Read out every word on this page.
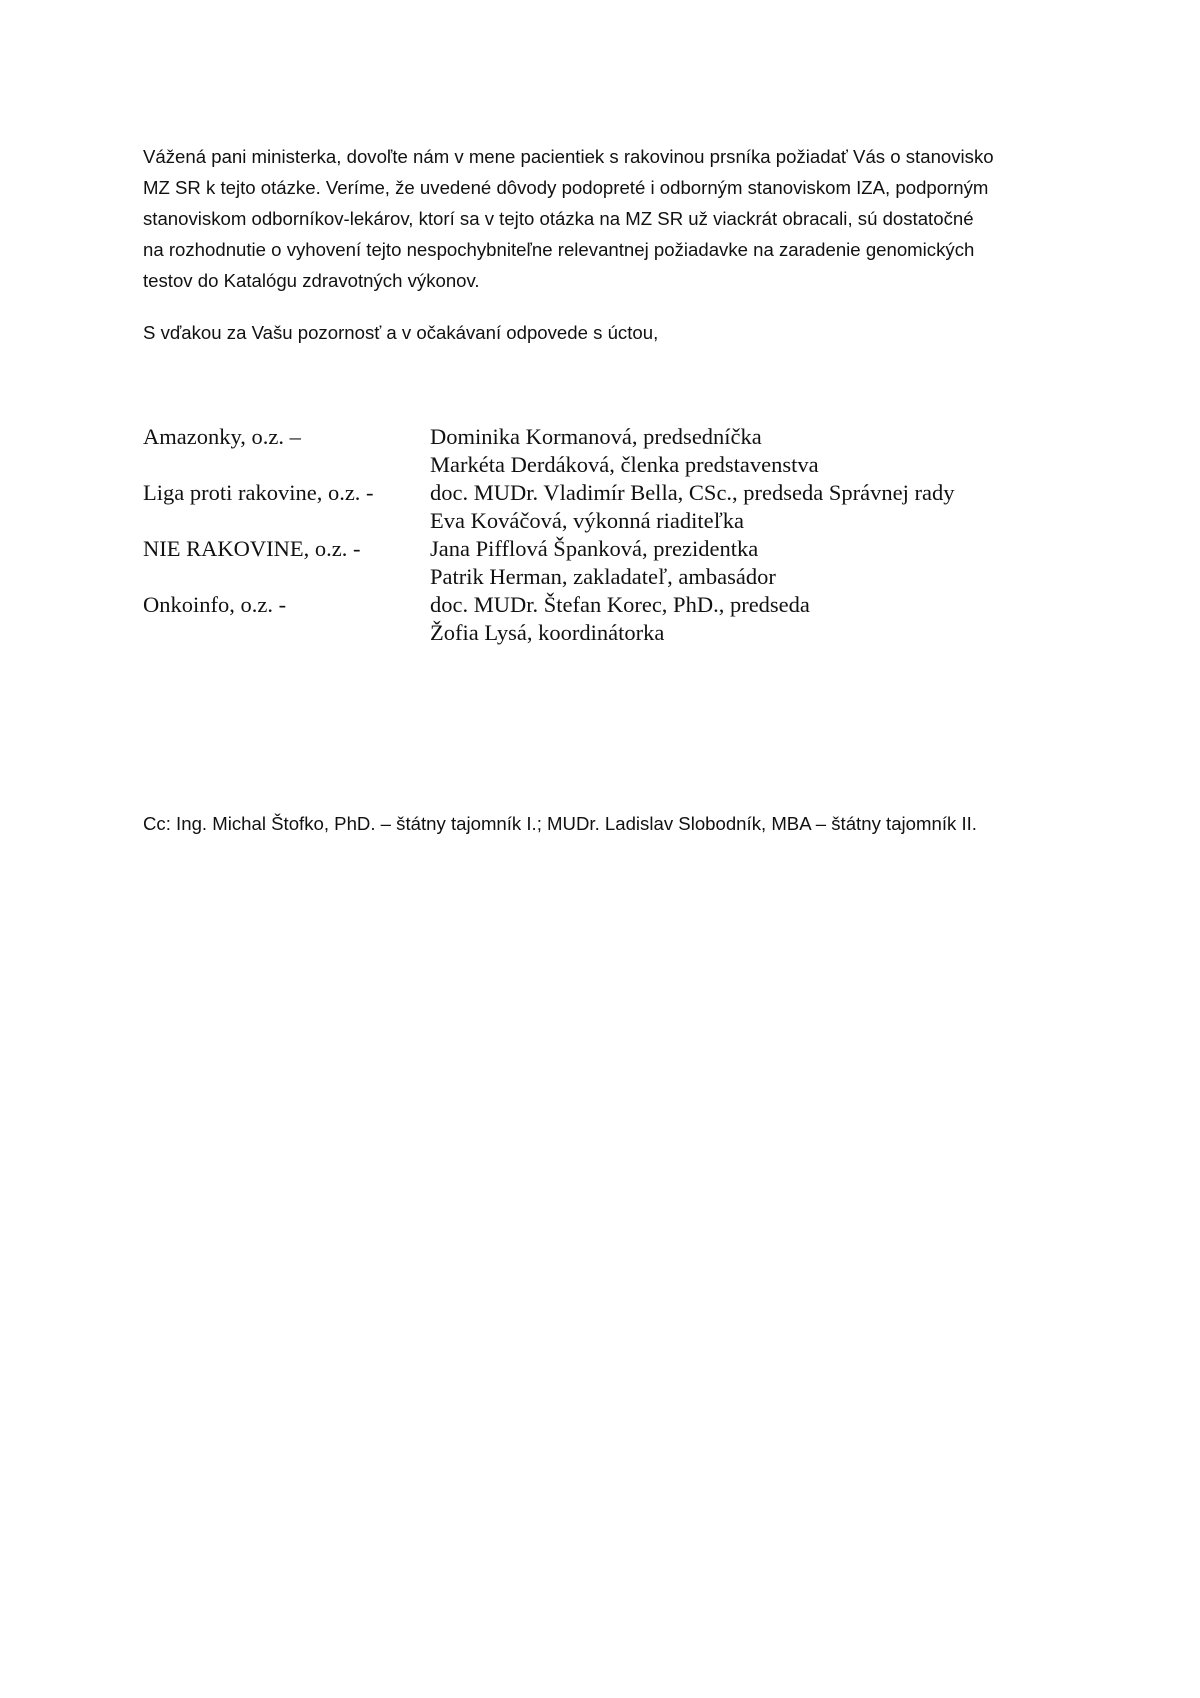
Vážená pani ministerka, dovoľte nám v mene pacientiek s rakovinou prsníka požiadať Vás o stanovisko
MZ SR k tejto otázke. Veríme, že uvedené dôvody podopreté i odborným stanoviskom IZA, podporným
stanoviskom odborníkov-lekárov, ktorí sa v tejto otázka na MZ SR už viackrát obracali, sú dostatočné
na rozhodnutie o vyhovení tejto nespochybniteľne relevantnej požiadavke na zaradenie genomických
testov do Katalógu zdravotných výkonov.

S vďakou za Vašu pozornosť a v očakávaní odpovede s úctou,

Amazonky, o.z. –	Dominika Kormanová, predsedníčka
Markéta Derdáková, členka predstavenstva
Liga proti rakovine, o.z. -	doc. MUDr. Vladimír Bella, CSc., predseda Správnej rady
Eva Kováčová, výkonná riaditeľka
NIE RAKOVINE, o.z. -	Jana Pifflová Španková, prezidentka
Patrik Herman, zakladateľ, ambasádor
Onkoinfo, o.z. -	doc. MUDr. Štefan Korec, PhD., predseda
Žofia Lysá, koordinátorka

Cc: Ing. Michal Štofko, PhD. – štátny tajomník I.; MUDr. Ladislav Slobodník, MBA – štátny tajomník II.
